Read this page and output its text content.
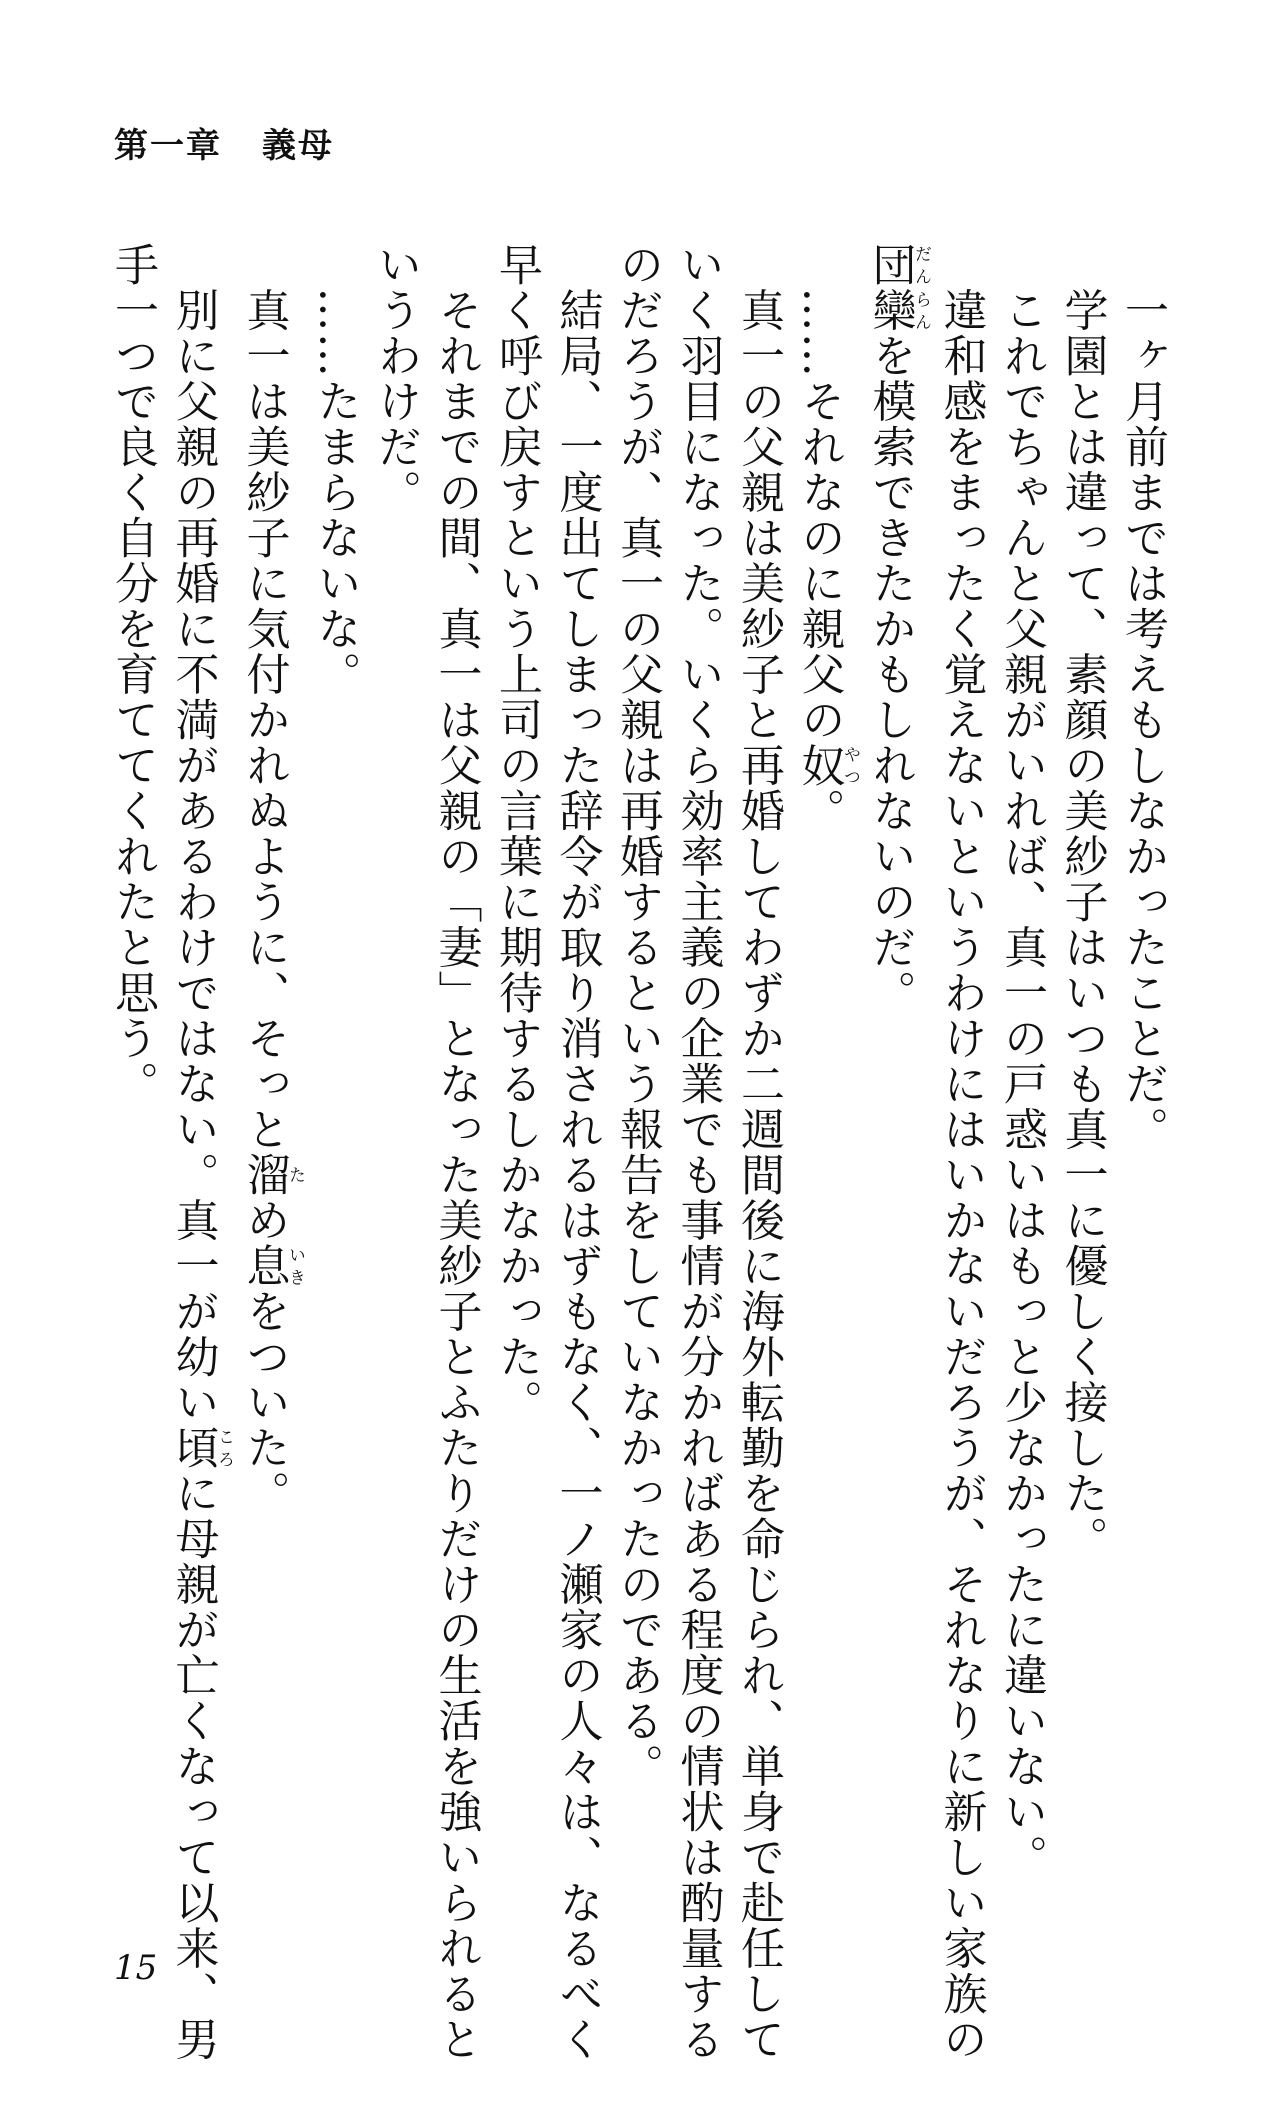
第一章 義母
　一ヶ月前までは考えもしなかったことだ。
　学園とは違って、素顔の美紗子はいつも真一に優しく接した。
　これでちゃんと父親がいれば、真一の戸惑いはもっと少なかったに違いない。
　違和感をまったく覚えないというわけにはいかないだろうが、それなりに新しい家族の
団欒だんらんを模索できたかもしれないのだ。
　……それなのに親父の奴やつ。
　真一の父親は美紗子と再婚してわずか二週間後に海外転勤を命じられ、単身で赴任して
いく羽目になった。いくら効率主義の企業でも事情が分かればある程度の情状は酌量する
のだろうが、真一の父親は再婚するという報告をしていなかったのである。
　結局、一度出てしまった辞令が取り消されるはずもなく、一ノ瀬家の人々は、なるべく
早く呼び戻すという上司の言葉に期待するしかなかった。
　それまでの間、真一は父親の「妻」となった美紗子とふたりだけの生活を強いられると
いうわけだ。
　……たまらないな。
　真一は美紗子に気付かれぬように、そっと溜ため息いきをついた。
　別に父親の再婚に不満があるわけではない。真一が幼い頃ころに母親が亡くなって以来、男
手一つで良く自分を育ててくれたと思う。
15
